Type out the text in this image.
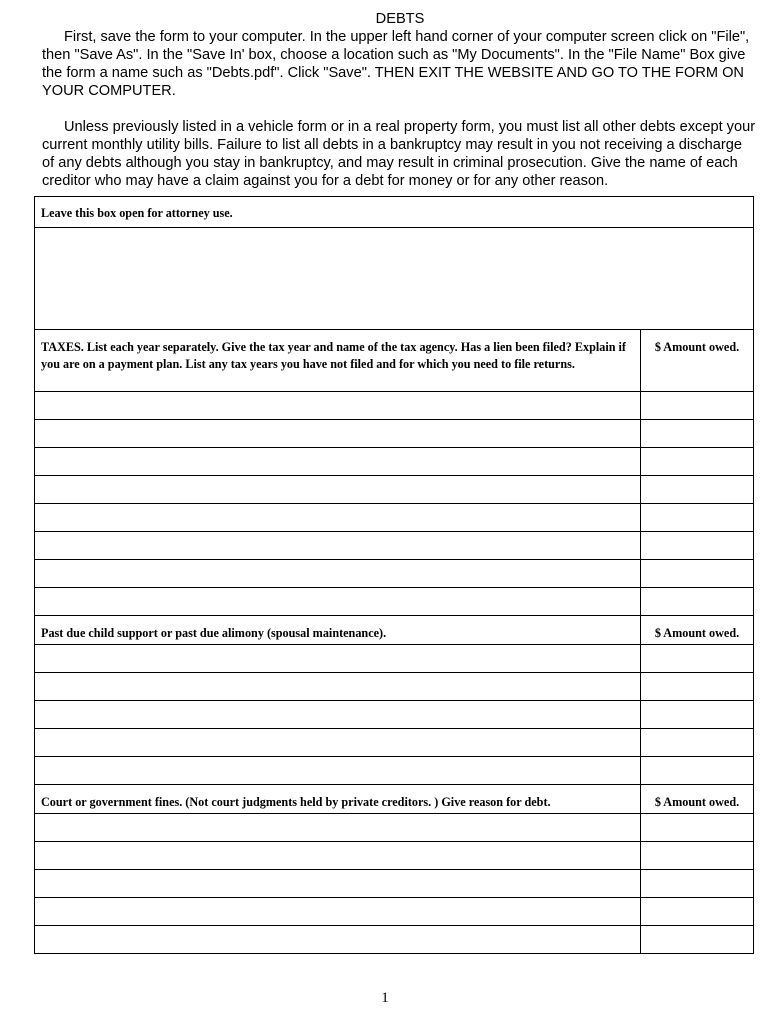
DEBTS

First, save the form to your computer. In the upper left hand corner of your computer screen click on "File", then "Save As". In the "Save In' box, choose a location such as "My Documents". In the "File Name" Box give the form a name such as "Debts.pdf". Click "Save". THEN EXIT THE WEBSITE AND GO TO THE FORM ON YOUR COMPUTER.

Unless previously listed in a vehicle form or in a real property form, you must list all other debts except your current monthly utility bills. Failure to list all debts in a bankruptcy may result in you not receiving a discharge of any debts although you stay in bankruptcy, and may result in criminal prosecution. Give the name of each creditor who may have a claim against you for a debt for money or for any other reason.

Leave this box open for attorney use.	

TAXES. List each year separately. Give the tax year and name of the tax agency. Has a lien been filed? Explain if you are on a payment plan. List any tax years you have not filed and for which you need to file returns.	$ Amount owed.

Past due child support or past due alimony (spousal maintenance).	$ Amount owed.

Court or government fines. (Not court judgments held by private creditors. ) Give reason for debt.	$ Amount owed.

1
